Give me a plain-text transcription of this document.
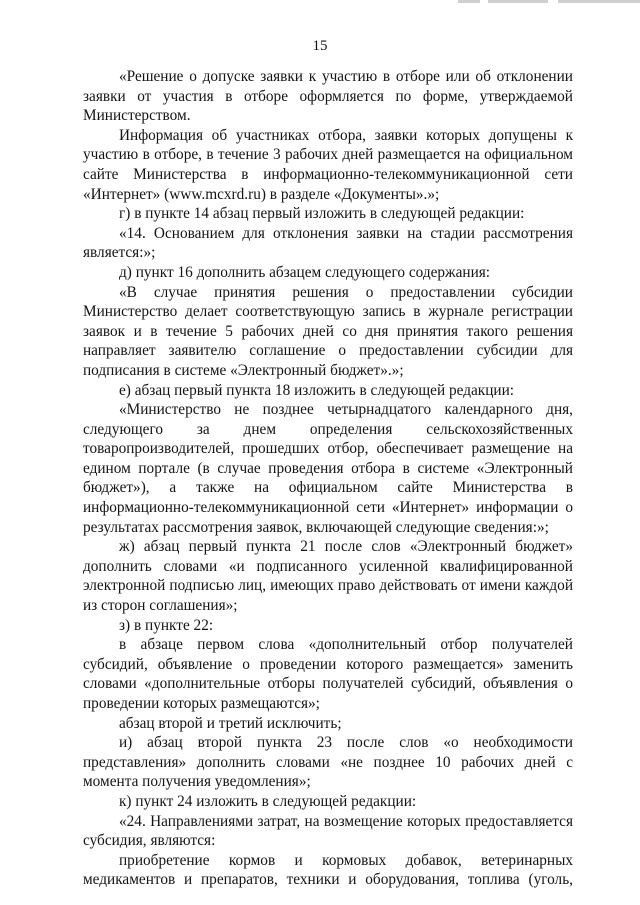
15

«Решение о допуске заявки к участию в отборе или об отклонении заявки от участия в отборе оформляется по форме, утверждаемой Министерством.

Информация об участниках отбора, заявки которых допущены к участию в отборе, в течение 3 рабочих дней размещается на официальном сайте Министерства в информационно-телекоммуникационной сети «Интернет» (www.mcxrd.ru) в разделе «Документы».»;

г) в пункте 14 абзац первый изложить в следующей редакции:

«14. Основанием для отклонения заявки на стадии рассмотрения является:»;

д) пункт 16 дополнить абзацем следующего содержания:

«В случае принятия решения о предоставлении субсидии Министерство делает соответствующую запись в журнале регистрации заявок и в течение 5 рабочих дней со дня принятия такого решения направляет заявителю соглашение о предоставлении субсидии для подписания в системе «Электронный бюджет».»;

е) абзац первый пункта 18 изложить в следующей редакции:

«Министерство не позднее четырнадцатого календарного дня, следующего за днем определения сельскохозяйственных товаропроизводителей, прошедших отбор, обеспечивает размещение на едином портале (в случае проведения отбора в системе «Электронный бюджет»), а также на официальном сайте Министерства в информационно-телекоммуникационной сети «Интернет» информации о результатах рассмотрения заявок, включающей следующие сведения:»;

ж) абзац первый пункта 21 после слов «Электронный бюджет» дополнить словами «и подписанного усиленной квалифицированной электронной подписью лиц, имеющих право действовать от имени каждой из сторон соглашения»;

з) в пункте 22:

в абзаце первом слова «дополнительный отбор получателей субсидий, объявление о проведении которого размещается» заменить словами «дополнительные отборы получателей субсидий, объявления о проведении которых размещаются»;

абзац второй и третий исключить;

и) абзац второй пункта 23 после слов «о необходимости представления» дополнить словами «не позднее 10 рабочих дней с момента получения уведомления»;

к) пункт 24 изложить в следующей редакции:

«24. Направлениями затрат, на возмещение которых предоставляется субсидия, являются:

приобретение кормов и кормовых добавок, ветеринарных медикаментов и препаратов, техники и оборудования, топлива (уголь,
